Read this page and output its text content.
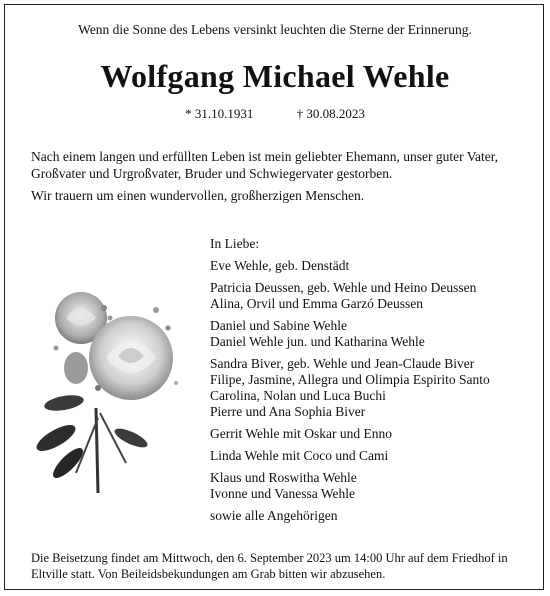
Wenn die Sonne des Lebens versinkt leuchten die Sterne der Erinnerung.
Wolfgang Michael Wehle
* 31.10.1931	† 30.08.2023
Nach einem langen und erfüllten Leben ist mein geliebter Ehemann, unser guter Vater,
Großvater und Urgroßvater, Bruder und Schwiegervater gestorben.
Wir trauern um einen wundervollen, großherzigen Menschen.
In Liebe:
Eve Wehle, geb. Denstädt
Patricia Deussen, geb. Wehle und Heino Deussen
Alina, Orvil und Emma Garzó Deussen
Daniel und Sabine Wehle
Daniel Wehle jun. und Katharina Wehle
Sandra Biver, geb. Wehle und Jean-Claude Biver
Filipe, Jasmine, Allegra und Olimpia Espirito Santo
Carolina, Nolan und Luca Buchi
Pierre und Ana Sophia Biver
Gerrit Wehle mit Oskar und Enno
Linda Wehle mit Coco und Cami
Klaus und Roswitha Wehle
Ivonne und Vanessa Wehle
sowie alle Angehörigen
Die Beisetzung findet am Mittwoch, den 6. September 2023 um 14:00 Uhr auf dem Friedhof in
Eltville statt. Von Beileidsbekundungen am Grab bitten wir abzusehen.
